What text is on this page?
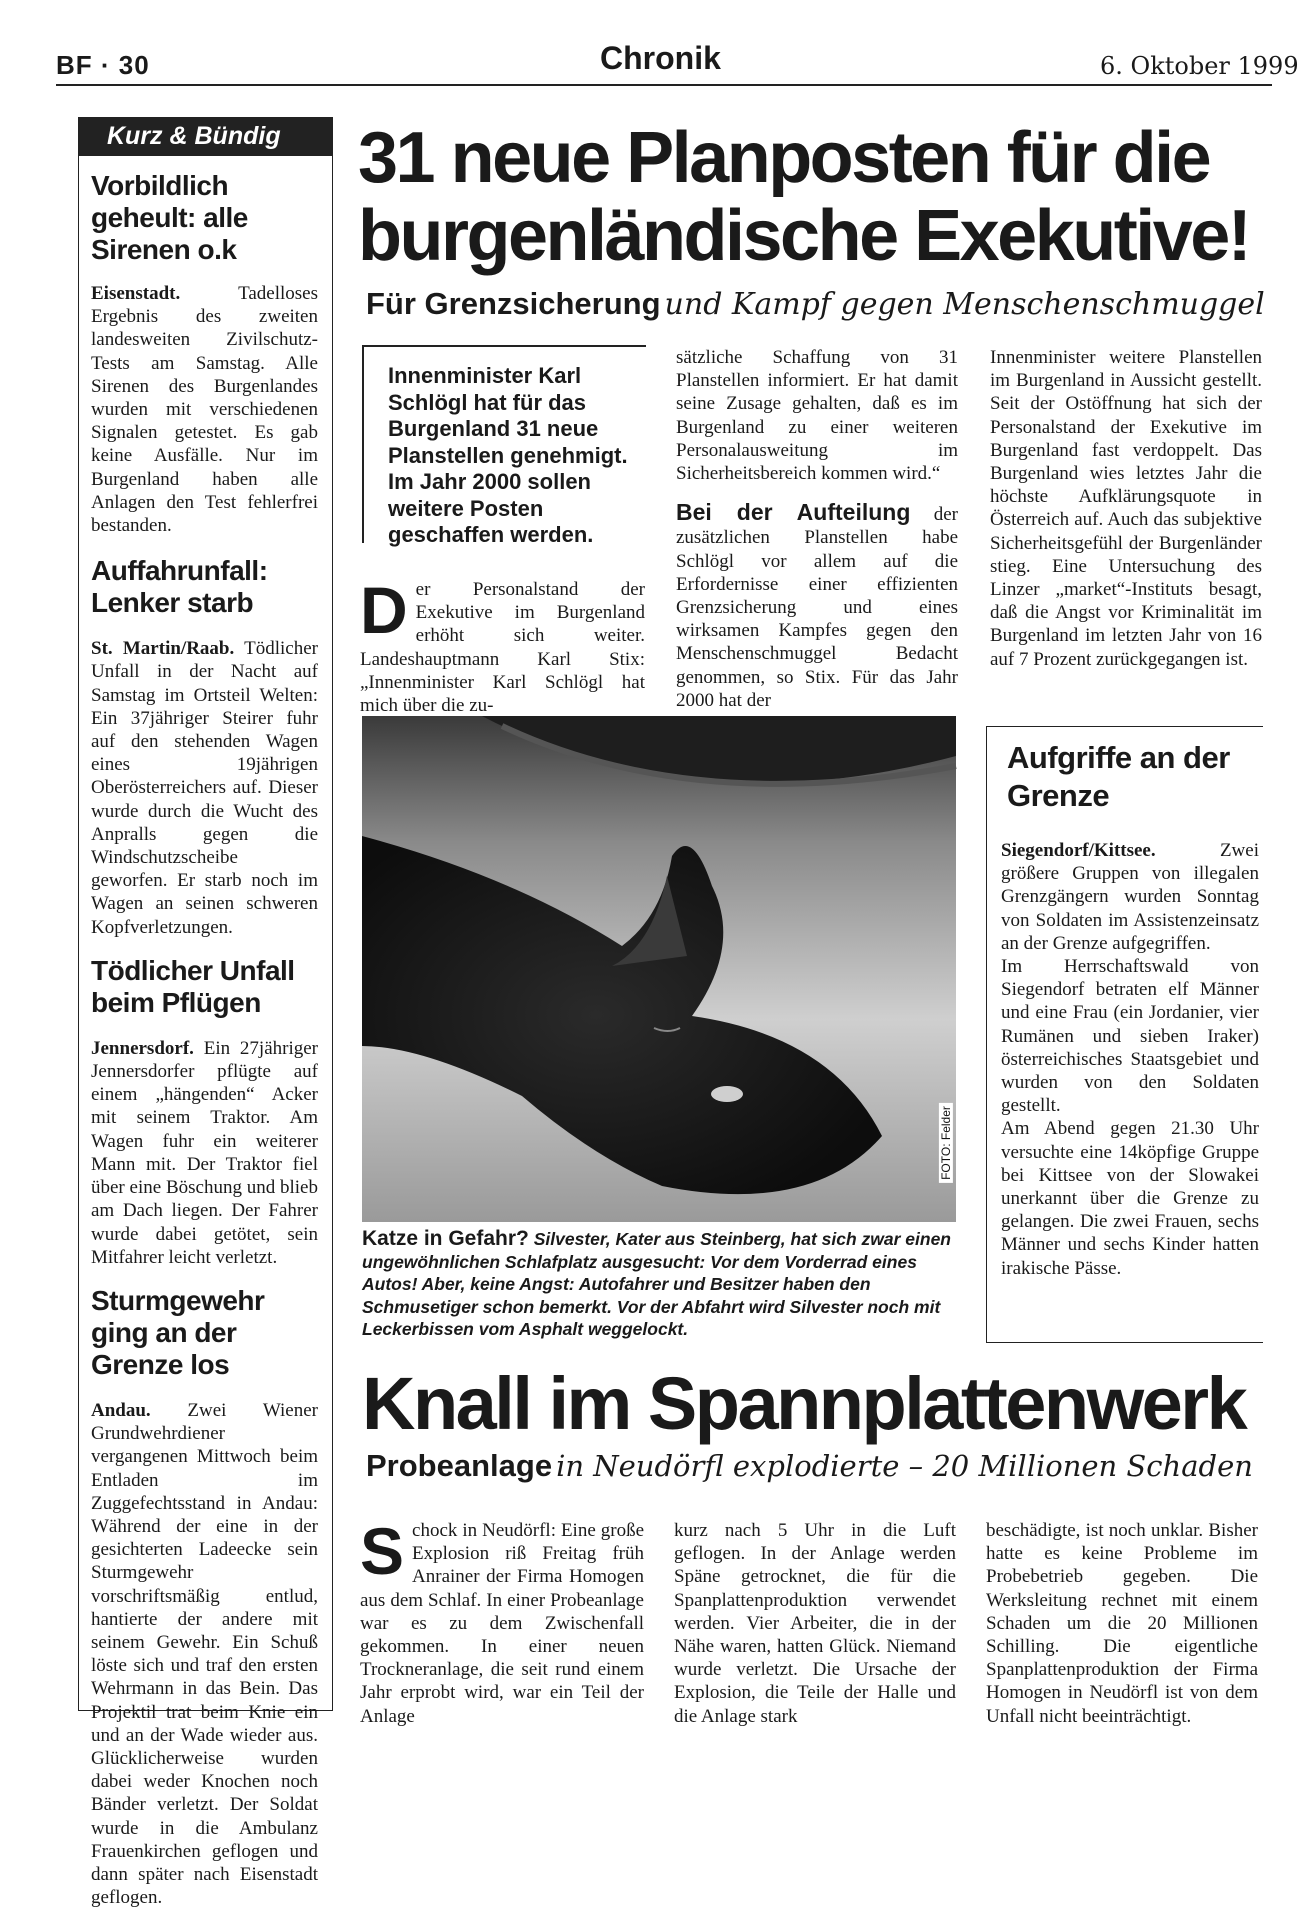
BF · 30	Chronik	6. Oktober 1999
Kurz & Bündig
Vorbildlich geheult: alle Sirenen o.k

Eisenstadt.	Tadelloses Ergebnis des zweiten landesweiten Zivilschutz-Tests am Samstag. Alle Sirenen des Burgenlandes wurden mit verschiedenen Signalen getestet. Es gab keine Ausfälle. Nur im Burgenland haben alle Anlagen den Test fehlerfrei bestanden.

Auffahrunfall: Lenker starb

St. Martin/Raab. Tödlicher Unfall in der Nacht auf Samstag im Ortsteil Welten: Ein 37jähriger Steirer fuhr auf den stehenden Wagen eines 19jährigen Oberösterreichers auf. Dieser wurde durch die Wucht des Anpralls gegen die Windschutzscheibe geworfen. Er starb noch im Wagen an seinen schweren Kopfverletzungen.

Tödlicher Unfall beim Pflügen

Jennersdorf. Ein 27jähriger Jennersdorfer pflügte auf einem „hängenden“ Acker mit seinem Traktor. Am Wagen fuhr ein weiterer Mann mit. Der Traktor fiel über eine Böschung und blieb am Dach liegen. Der Fahrer wurde dabei getötet, sein Mitfahrer leicht verletzt.

Sturmgewehr ging an der Grenze los

Andau. Zwei Wiener Grundwehrdiener vergangenen Mittwoch beim Entladen im Zuggefechtsstand in Andau: Während der eine in der gesichterten Ladeecke sein Sturmgewehr vorschriftsmäßig entlud, hantierte der andere mit seinem Gewehr. Ein Schuß löste sich und traf den ersten Wehrmann in das Bein. Das Projektil trat beim Knie ein und an der Wade wieder aus. Glücklicherweise wurden dabei weder Knochen noch Bänder verletzt. Der Soldat wurde in die Ambulanz Frauenkirchen geflogen und dann später nach Eisenstadt geflogen.

31 neue Planposten für die
burgenländische Exekutive!
Für Grenzsicherung und Kampf gegen Menschenschmuggel
Innenminister Karl Schlögl hat für das Burgenland 31 neue Planstellen genehmigt. Im Jahr 2000 sollen weitere Posten geschaffen werden.
Der Personalstand der Exekutive im Burgenland erhöht sich weiter. Landeshauptmann Karl Stix: „Innenminister Karl Schlögl hat mich über die zu-

sätzliche Schaffung von 31 Planstellen informiert. Er hat damit seine Zusage gehalten, daß es im Burgenland zu einer weiteren Personalausweitung im Sicherheitsbereich kommen wird.“

Bei der Aufteilung der zusätzlichen Planstellen habe Schlögl vor allem auf die Erfordernisse einer effizienten Grenzsicherung und eines wirksamen Kampfes gegen den Menschenschmuggel Bedacht genommen, so Stix. Für das Jahr 2000 hat der

Innenminister weitere Planstellen im Burgenland in Aussicht gestellt. Seit der Ostöffnung hat sich der Personalstand der Exekutive im Burgenland fast verdoppelt. Das Burgenland wies letztes Jahr die höchste Aufklärungsquote in Österreich auf. Auch das subjektive Sicherheitsgefühl der Burgenländer stieg. Eine Untersuchung des Linzer „market“-Instituts besagt, daß die Angst vor Kriminalität im Burgenland im letzten Jahr von 16 auf 7 Prozent zurückgegangen ist.
FOTO: Felder
Katze in Gefahr? Silvester, Kater aus Steinberg, hat sich zwar einen ungewöhnlichen Schlafplatz ausgesucht: Vor dem Vorderrad eines Autos! Aber, keine Angst: Autofahrer und Besitzer haben den Schmusetiger schon bemerkt. Vor der Abfahrt wird Silvester noch mit Leckerbissen vom Asphalt weggelockt.
Aufgriffe an der Grenze

Siegendorf/Kittsee.	Zwei größere Gruppen von illegalen Grenzgängern wurden Sonntag von Soldaten im Assistenzeinsatz an der Grenze aufgegriffen.

Im Herrschaftswald von Siegendorf betraten elf Männer und eine Frau (ein Jordanier, vier Rumänen und sieben Iraker) österreichisches Staatsgebiet und wurden von den Soldaten gestellt.

Am Abend gegen 21.30 Uhr versuchte eine 14köpfige Gruppe bei Kittsee von der Slowakei unerkannt über die Grenze zu gelangen. Die zwei Frauen, sechs Männer und sechs Kinder hatten irakische Pässe.

Knall im Spannplattenwerk
Probeanlage in Neudörfl explodierte – 20 Millionen Schaden
Schock in Neudörfl: Eine große Explosion riß Freitag früh Anrainer der Firma Homogen aus dem Schlaf. In einer Probeanlage war es zu dem Zwischenfall gekommen. In einer neuen Trockneranlage, die seit rund einem Jahr erprobt wird, war ein Teil der Anlage
kurz nach 5 Uhr in die Luft geflogen. In der Anlage werden Späne getrocknet, die für die Spanplattenproduktion verwendet werden. Vier Arbeiter, die in der Nähe waren, hatten Glück. Niemand wurde verletzt. Die Ursache der Explosion, die Teile der Halle und die Anlage stark
beschädigte, ist noch unklar. Bisher hatte es keine Probleme im Probebetrieb gegeben. Die Werksleitung rechnet mit einem Schaden um die 20 Millionen Schilling. Die eigentliche Spanplattenproduktion der Firma Homogen in Neudörfl ist von dem Unfall nicht beeinträchtigt.
